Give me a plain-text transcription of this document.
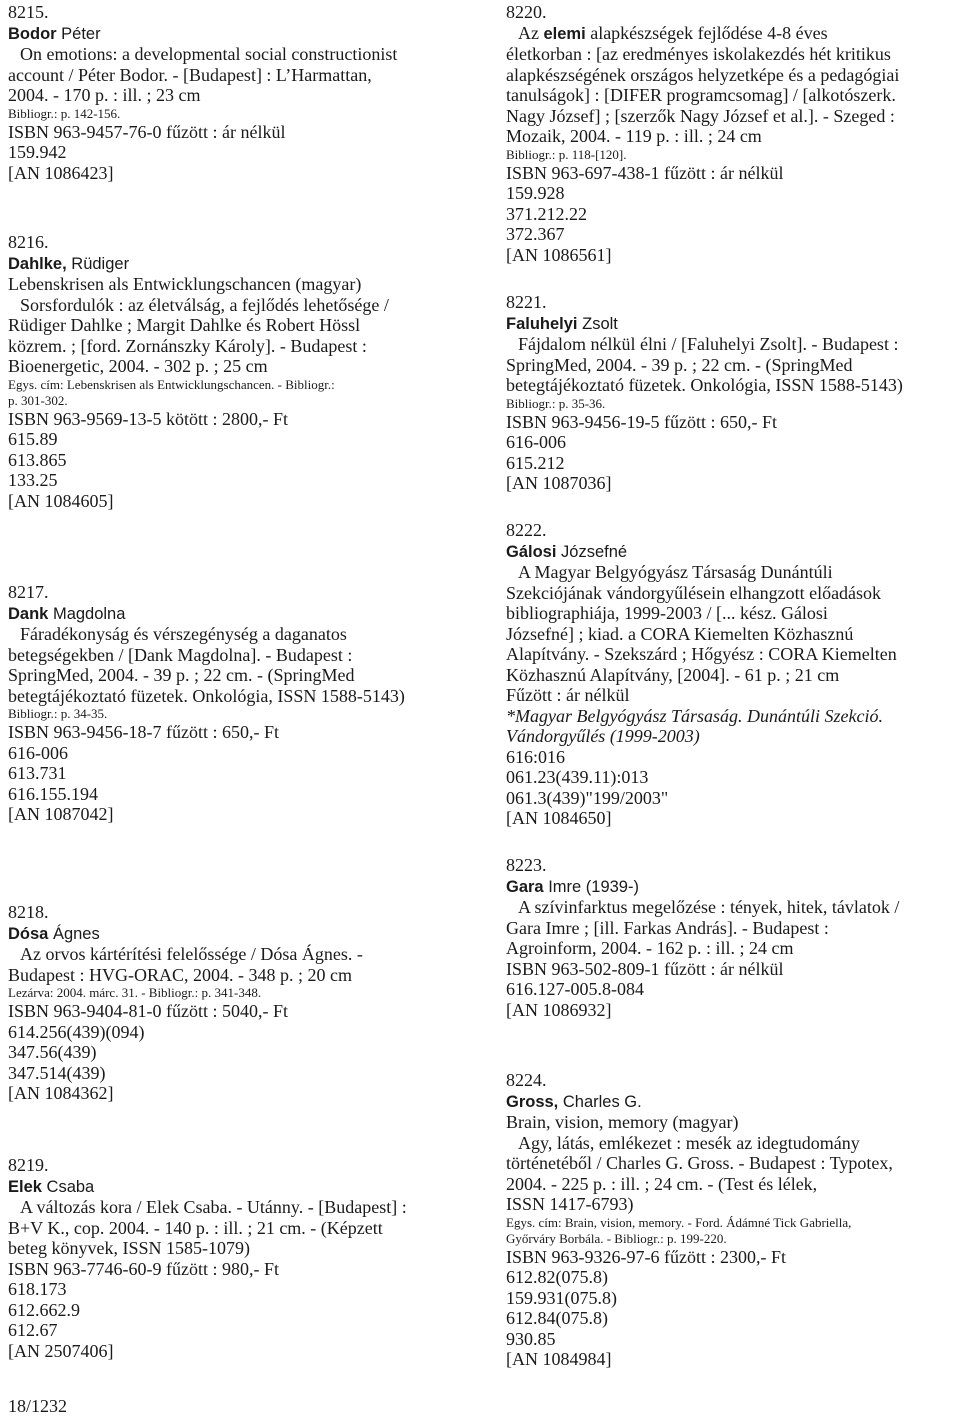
8215.
Bodor Péter
On emotions: a developmental social constructionist
account / Péter Bodor. - [Budapest] : L’Harmattan,
2004. - 170 p. : ill. ; 23 cm
Bibliogr.: p. 142-156.
ISBN 963-9457-76-0 fűzött : ár nélkül
159.942
[AN 1086423]
8216.
Dahlke, Rüdiger
Lebenskrisen als Entwicklungschancen (magyar)
Sorsfordulók : az életválság, a fejlődés lehetősége /
Rüdiger Dahlke ; Margit Dahlke és Robert Hössl
közrem. ; [ford. Zornánszky Károly]. - Budapest :
Bioenergetic, 2004. - 302 p. ; 25 cm
Egys. cím: Lebenskrisen als Entwicklungschancen. - Bibliogr.:
p. 301-302.
ISBN 963-9569-13-5 kötött : 2800,- Ft
615.89
613.865
133.25
[AN 1084605]
8217.
Dank Magdolna
Fáradékonyság és vérszegénység a daganatos
betegségekben / [Dank Magdolna]. - Budapest :
SpringMed, 2004. - 39 p. ; 22 cm. - (SpringMed
betegtájékoztató füzetek. Onkológia, ISSN 1588-5143)
Bibliogr.: p. 34-35.
ISBN 963-9456-18-7 fűzött : 650,- Ft
616-006
613.731
616.155.194
[AN 1087042]
8218.
Dósa Ágnes
Az orvos kártérítési felelőssége / Dósa Ágnes. -
Budapest : HVG-ORAC, 2004. - 348 p. ; 20 cm
Lezárva: 2004. márc. 31. - Bibliogr.: p. 341-348.
ISBN 963-9404-81-0 fűzött : 5040,- Ft
614.256(439)(094)
347.56(439)
347.514(439)
[AN 1084362]
8219.
Elek Csaba
A változás kora / Elek Csaba. - Utánny. - [Budapest] :
B+V K., cop. 2004. - 140 p. : ill. ; 21 cm. - (Képzett
beteg könyvek, ISSN 1585-1079)
ISBN 963-7746-60-9 fűzött : 980,- Ft
618.173
612.662.9
612.67
[AN 2507406]
8220.
Az elemi alapkészségek fejlődése 4-8 éves
életkorban : [az eredményes iskolakezdés hét kritikus
alapkészségének országos helyzetképe és a pedagógiai
tanulságok] : [DIFER programcsomag] / [alkotószerk.
Nagy József] ; [szerzők Nagy József et al.]. - Szeged :
Mozaik, 2004. - 119 p. : ill. ; 24 cm
Bibliogr.: p. 118-[120].
ISBN 963-697-438-1 fűzött : ár nélkül
159.928
371.212.22
372.367
[AN 1086561]
8221.
Faluhelyi Zsolt
Fájdalom nélkül élni / [Faluhelyi Zsolt]. - Budapest :
SpringMed, 2004. - 39 p. ; 22 cm. - (SpringMed
betegtájékoztató füzetek. Onkológia, ISSN 1588-5143)
Bibliogr.: p. 35-36.
ISBN 963-9456-19-5 fűzött : 650,- Ft
616-006
615.212
[AN 1087036]
8222.
Gálosi Józsefné
A Magyar Belgyógyász Társaság Dunántúli
Szekciójának vándorgyűlésein elhangzott előadások
bibliographiája, 1999-2003 / [... kész. Gálosi
Józsefné] ; kiad. a CORA Kiemelten Közhasznú
Alapítvány. - Szekszárd ; Hőgyész : CORA Kiemelten
Közhasznú Alapítvány, [2004]. - 61 p. ; 21 cm
Fűzött : ár nélkül
*Magyar Belgyógyász Társaság. Dunántúli Szekció.
Vándorgyűlés (1999-2003)
616:016
061.23(439.11):013
061.3(439)"199/2003"
[AN 1084650]
8223.
Gara Imre (1939-)
A szívinfarktus megelőzése : tények, hitek, távlatok /
Gara Imre ; [ill. Farkas András]. - Budapest :
Agroinform, 2004. - 162 p. : ill. ; 24 cm
ISBN 963-502-809-1 fűzött : ár nélkül
616.127-005.8-084
[AN 1086932]
8224.
Gross, Charles G.
Brain, vision, memory (magyar)
Agy, látás, emlékezet : mesék az idegtudomány
történetéből / Charles G. Gross. - Budapest : Typotex,
2004. - 225 p. : ill. ; 24 cm. - (Test és lélek,
ISSN 1417-6793)
Egys. cím: Brain, vision, memory. - Ford. Ádámné Tick Gabriella,
Győrváry Borbála. - Bibliogr.: p. 199-220.
ISBN 963-9326-97-6 fűzött : 2300,- Ft
612.82(075.8)
159.931(075.8)
612.84(075.8)
930.85
[AN 1084984]
18/1232
